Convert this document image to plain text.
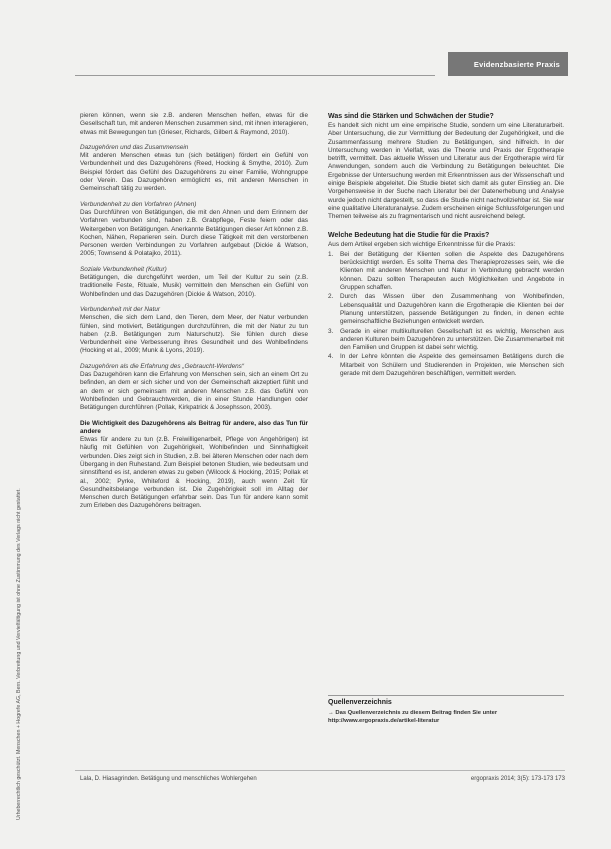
Evidenzbasierte Praxis
Urheberrechtlich geschützt. Menschen + Hogrefe AG, Bern. Verbreitung und Vervielfältigung ist ohne Zustimmung des Verlags nicht gestattet.

pieren können, wenn sie z.B. anderen Menschen helfen, etwas für die Gesellschaft tun, mit anderen Menschen zusammen sind, mit ihnen interagieren, etwas mit Bewegungen tun (Grieser, Richards, Gilbert & Raymond, 2010).

Dazugehören und das Zusammensein
Mit anderen Menschen etwas tun (sich betätigen) fördert ein Gefühl von Verbundenheit und des Dazugehörens (Reed, Hocking & Smythe, 2010). Zum Beispiel fördert das Gefühl des Dazugehörens zu einer Familie, Wohngruppe oder Verein. Das Dazugehören ermöglicht es, mit anderen Menschen in Gemeinschaft tätig zu werden.

Verbundenheit zu den Vorfahren (Ahnen)
Das Durchführen von Betätigungen, die mit den Ahnen und dem Erinnern der Vorfahren verbunden sind, haben z.B. Grabpflege, Feste feiern oder das Weitergeben von Betätigungen. Anerkannte Betätigungen dieser Art können z.B. Kochen, Nähen, Reparieren sein. Durch diese Tätigkeit mit den verstorbenen Personen werden Verbindungen zu Vorfahren aufgebaut (Dickie & Watson, 2005; Townsend & Polatajko, 2011).

Soziale Verbundenheit (Kultur)
Betätigungen, die durchgeführt werden, um Teil der Kultur zu sein (z.B. traditionelle Feste, Rituale, Musik) vermitteln den Menschen ein Gefühl von Wohlbefinden und das Dazugehören (Dickie & Watson, 2010).

Verbundenheit mit der Natur
Menschen, die sich dem Land, den Tieren, dem Meer, der Natur verbunden fühlen, sind motiviert, Betätigungen durchzuführen, die mit der Natur zu tun haben (z.B. Betätigungen zum Naturschutz). Sie fühlen durch diese Verbundenheit eine Verbesserung ihres Gesundheit und des Wohlbefindens (Hocking et al., 2009; Munk & Lyons, 2019).

Dazugehören als die Erfahrung des „Gebraucht-Werdens“
Das Dazugehören kann die Erfahrung von Menschen sein, sich an einem Ort zu befinden, an dem er sich sicher und von der Gemeinschaft akzeptiert fühlt und an dem er sich gemeinsam mit anderen Menschen z.B. das Gefühl von Wohlbefinden und Gebrauchtwerden, die in einer Stunde Handlungen oder Betätigungen durchführen (Pollak, Kirkpatrick & Josephsson, 2003).

Die Wichtigkeit des Dazugehörens als Beitrag für andere, also das Tun für andere
Etwas für andere zu tun (z.B. Freiwilligenarbeit, Pflege von Angehörigen) ist häufig mit Gefühlen von Zugehörigkeit, Wohlbefinden und Sinnhaftigkeit verbunden. Dies zeigt sich in Studien, z.B. bei älteren Menschen oder nach dem Übergang in den Ruhestand. Zum Beispiel betonen Studien, wie bedeutsam und sinnstiftend es ist, anderen etwas zu geben (Wilcock & Hocking, 2015; Pollak et al., 2002; Pyrke, Whiteford & Hocking, 2019), auch wenn Zeit für Gesundheitsbelange verbunden ist. Die Zugehörigkeit soll im Alltag der Menschen durch Betätigungen erfahrbar sein. Das Tun für andere kann somit zum Erleben des Dazugehörens beitragen.

Was sind die Stärken und Schwächen der Studie?

Es handelt sich nicht um eine empirische Studie, sondern um eine Literaturarbeit. Aber Untersuchung, die zur Vermittlung der Bedeutung der Zugehörigkeit, und die Zusammenfassung mehrere Studien zu Betätigungen, sind hilfreich. In der Untersuchung werden in Vielfalt, was die Theorie und Praxis der Ergotherapie betrifft, vermittelt. Das aktuelle Wissen und Literatur aus der Ergotherapie wird für Anwendungen, sondern auch die Verbindung zu Betätigungen beleuchtet. Die Ergebnisse der Untersuchung werden mit Erkenntnissen aus der Wissenschaft und einige Beispiele abgeleitet. Die Studie bietet sich damit als guter Einstieg an. Die Vorgehensweise in der Suche nach Literatur bei der Datenerhebung und Analyse wurde jedoch nicht dargestellt, so dass die Studie nicht nachvollziehbar ist. Sie war eine qualitative Literaturanalyse. Zudem erscheinen einige Schlussfolgerungen und Themen teilweise als zu fragmentarisch und nicht ausreichend belegt.

Welche Bedeutung hat die Studie für die Praxis?

Aus dem Artikel ergeben sich wichtige Erkenntnisse für die Praxis:

1. Bei der Betätigung der Klienten sollen die Aspekte des Dazugehörens berücksichtigt werden. Es sollte Thema des Therapieprozesses sein, wie die Klienten mit anderen Menschen und Natur in Verbindung gebracht werden können. Dazu sollten Therapeuten auch Möglichkeiten und Angebote in Gruppen schaffen.
2. Durch das Wissen über den Zusammenhang von Wohlbefinden, Lebensqualität und Dazugehören kann die Ergotherapie die Klienten bei der Planung unterstützen, passende Betätigungen zu finden, in denen echte gemeinschaftliche Beziehungen entwickelt werden.
3. Gerade in einer multikulturellen Gesellschaft ist es wichtig, Menschen aus anderen Kulturen beim Dazugehören zu unterstützen. Die Zusammenarbeit mit den Familien und Gruppen ist dabei sehr wichtig.
4. In der Lehre könnten die Aspekte des gemeinsamen Betätigens durch die Mitarbeit von Schülern und Studierenden in Projekten, wie Menschen sich gerade mit dem Dazugehören beschäftigen, vermittelt werden.
Quellenverzeichnis

→ Das Quellenverzeichnis zu diesem Beitrag finden Sie unter http://www.ergopraxis.de/artikel-literatur

Lala, D. Hiasagrinden. Betätigung und menschliches Wohlergehen	ergopraxis 2014; 3(5): 173-173 173
